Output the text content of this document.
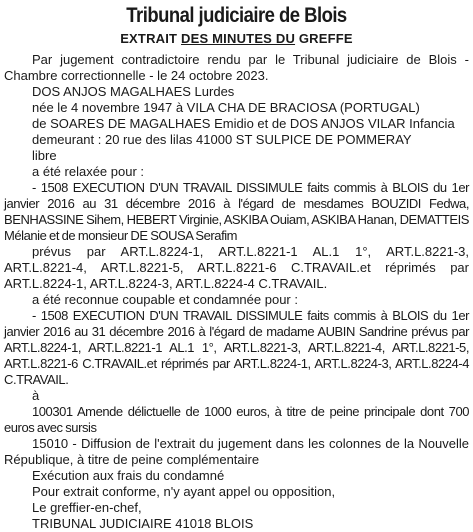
Tribunal judiciaire de Blois
EXTRAIT DES MINUTES DU GREFFE

Par jugement contradictoire rendu par le Tribunal judiciaire de Blois - Chambre correctionnelle - le 24 octobre 2023.

DOS ANJOS MAGALHAES Lurdes

née le 4 novembre 1947 à VILA CHA DE BRACIOSA (PORTUGAL)

de SOARES DE MAGALHAES Emidio et de DOS ANJOS VILAR Infancia

demeurant : 20 rue des lilas 41000 ST SULPICE DE POMMERAY

libre

a été relaxée pour :

- 1508 EXECUTION D'UN TRAVAIL DISSIMULE faits commis à BLOIS du 1er janvier 2016 au 31 décembre 2016 à l'égard de mesdames BOUZIDI Fedwa, BENHASSINE Sihem, HEBERT Virginie, ASKIBA Ouiam, ASKIBA Hanan, DEMATTEIS Mélanie et de monsieur DE SOUSA Serafim

prévus par ART.L.8224-1, ART.L.8221-1 AL.1 1°, ART.L.8221-3, ART.L.8221-4, ART.L.8221-5, ART.L.8221-6 C.TRAVAIL.et réprimés par ART.L.8224-1, ART.L.8224-3, ART.L.8224-4 C.TRAVAIL.

a été reconnue coupable et condamnée pour :

- 1508 EXECUTION D'UN TRAVAIL DISSIMULE faits commis à BLOIS du 1er janvier 2016 au 31 décembre 2016 à l'égard de madame AUBIN Sandrine prévus par ART.L.8224-1, ART.L.8221-1 AL.1 1°, ART.L.8221-3, ART.L.8221-4, ART.L.8221-5, ART.L.8221-6 C.TRAVAIL.et réprimés par ART.L.8224-1, ART.L.8224-3, ART.L.8224-4 C.TRAVAIL.

à

100301 Amende délictuelle de 1000 euros, à titre de peine principale dont 700 euros avec sursis

15010 - Diffusion de l'extrait du jugement dans les colonnes de la Nouvelle République, à titre de peine complémentaire

Exécution aux frais du condamné

Pour extrait conforme, n'y ayant appel ou opposition,

Le greffier-en-chef,

TRIBUNAL JUDICIAIRE 41018 BLOIS
